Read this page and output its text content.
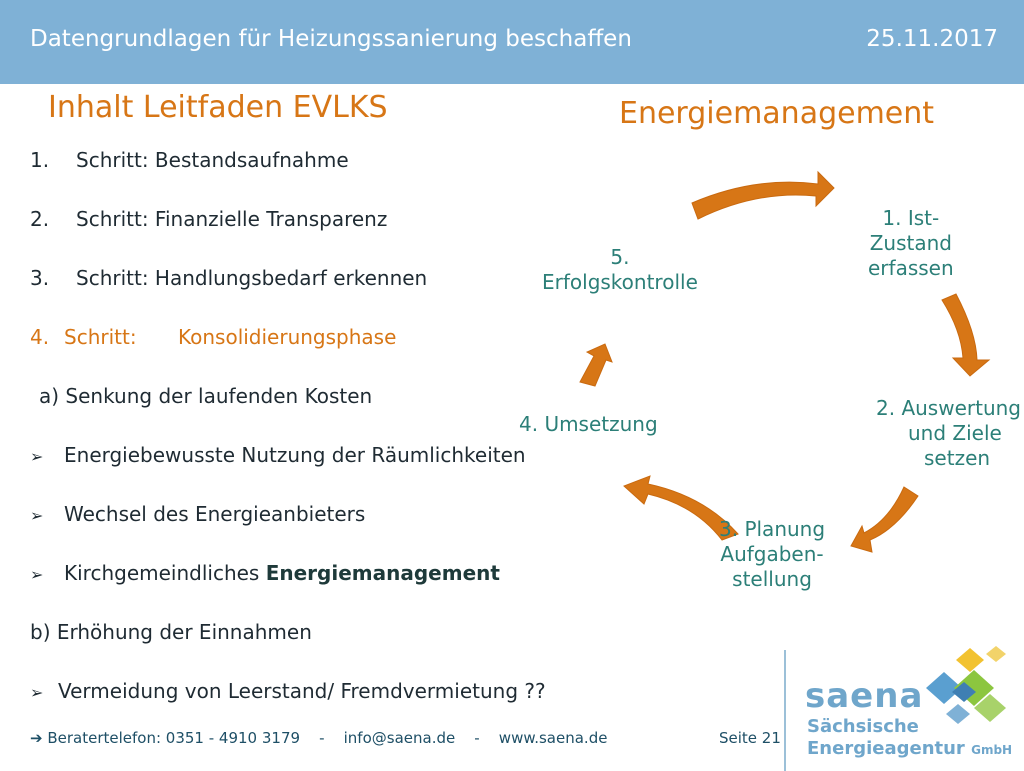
Datengrundlagen für Heizungssanierung beschaffen	25.11.2017
Inhalt Leitfaden EVLKS
1. Schritt: Bestandsaufnahme
2. Schritt: Finanzielle Transparenz
3. Schritt: Handlungsbedarf erkennen
4. Schritt: Konsolidierungsphase
a) Senkung der laufenden Kosten
➢ Energiebewusste Nutzung der Räumlichkeiten
➢ Wechsel des Energieanbieters
➢ Kirchgemeindliches Energiemanagement
b) Erhöhung der Einnahmen
➢ Vermeidung von Leerstand/ Fremdvermietung ??
Energiemanagement
1. Ist-
Zustand
erfassen
2. Auswertung
und Ziele
setzen
3. Planung
Aufgaben-
stellung
4. Umsetzung
5.
Erfolgskontrolle
➔ Beratertelefon: 0351 - 4910 3179 - info@saena.de - www.saena.de	Seite 21
saena
Sächsische
Energieagentur GmbH
